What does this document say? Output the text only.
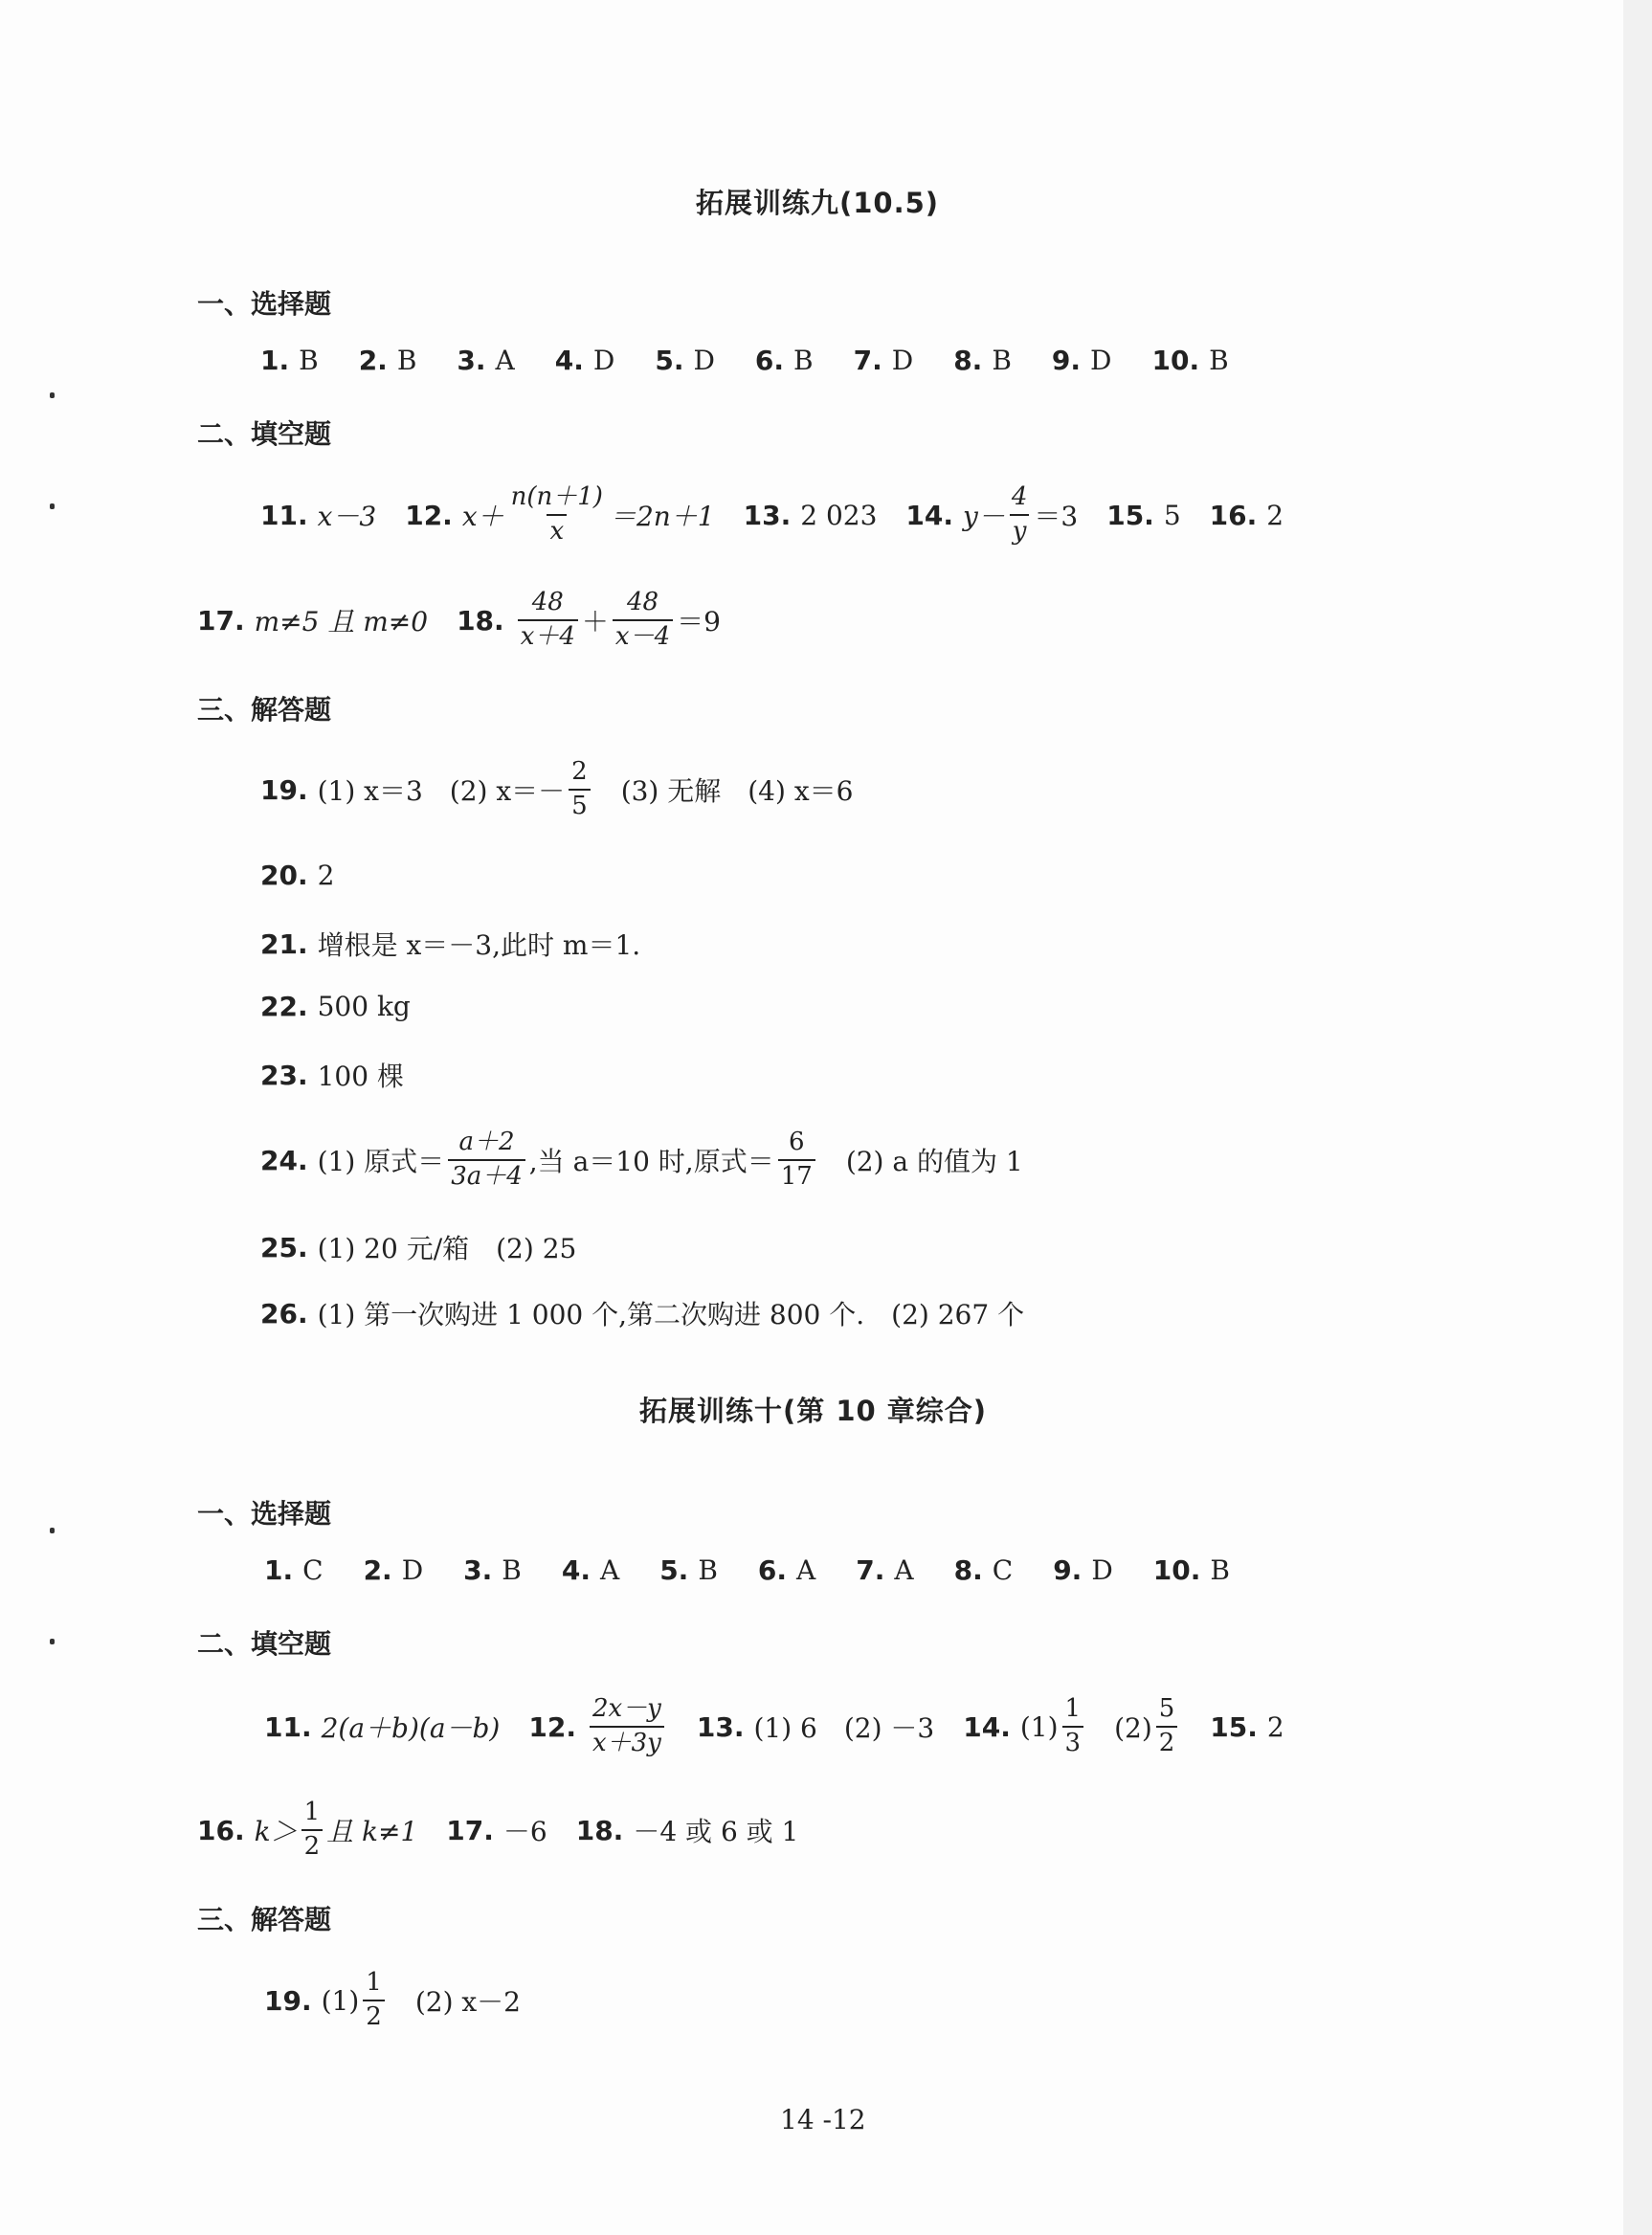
拓展训练九(10.5)
一、选择题
1. B 2. B 3. A 4. D 5. D 6. B 7. D 8. B 9. D 10. B
二、填空题
11. x－3 12. $x+ \frac{n(n+1)}{x} =2n+1$ 13. 2 023 14. $y- \frac{4}{y} =3$ 15. 5 16. 2
17. m≠5 且 m≠0 18. $\frac{48}{x+4} + \frac{48}{x-4} =9$
三、解答题
19. (1) x＝3　(2) $x=- \frac{2}{5}$ 　(3) 无解　(4) x＝6
20. 2
21. 增根是 x＝－3,此时 m＝1.
22. 500 kg
23. 100 棵
24. (1) 原式＝ $\frac{a+2}{3a+4}$ ,当 a＝10 时,原式＝ $\frac{6}{17}$ 　(2) a 的值为 1
25. (1) 20 元/箱　(2) 25
26. (1) 第一次购进 1 000 个,第二次购进 800 个.　(2) 267 个
拓展训练十(第 10 章综合)
一、选择题
1. C 2. D 3. B 4. A 5. B 6. A 7. A 8. C 9. D 10. B
二、填空题
11. 2(a＋b)(a－b) 12. $\frac{2x-y}{x+3y} 13$. (1) 6　(2) －3 14. $(1) \frac{1}{3}$ 　$(2) \frac{5}{2} 15$. 2
16. $k> \frac{1}{2}$ 且 k≠1 17. －6 18. －4 或 6 或 1
三、解答题
19. $(1) \frac{1}{2}$ 　(2) x－2
14 -12
